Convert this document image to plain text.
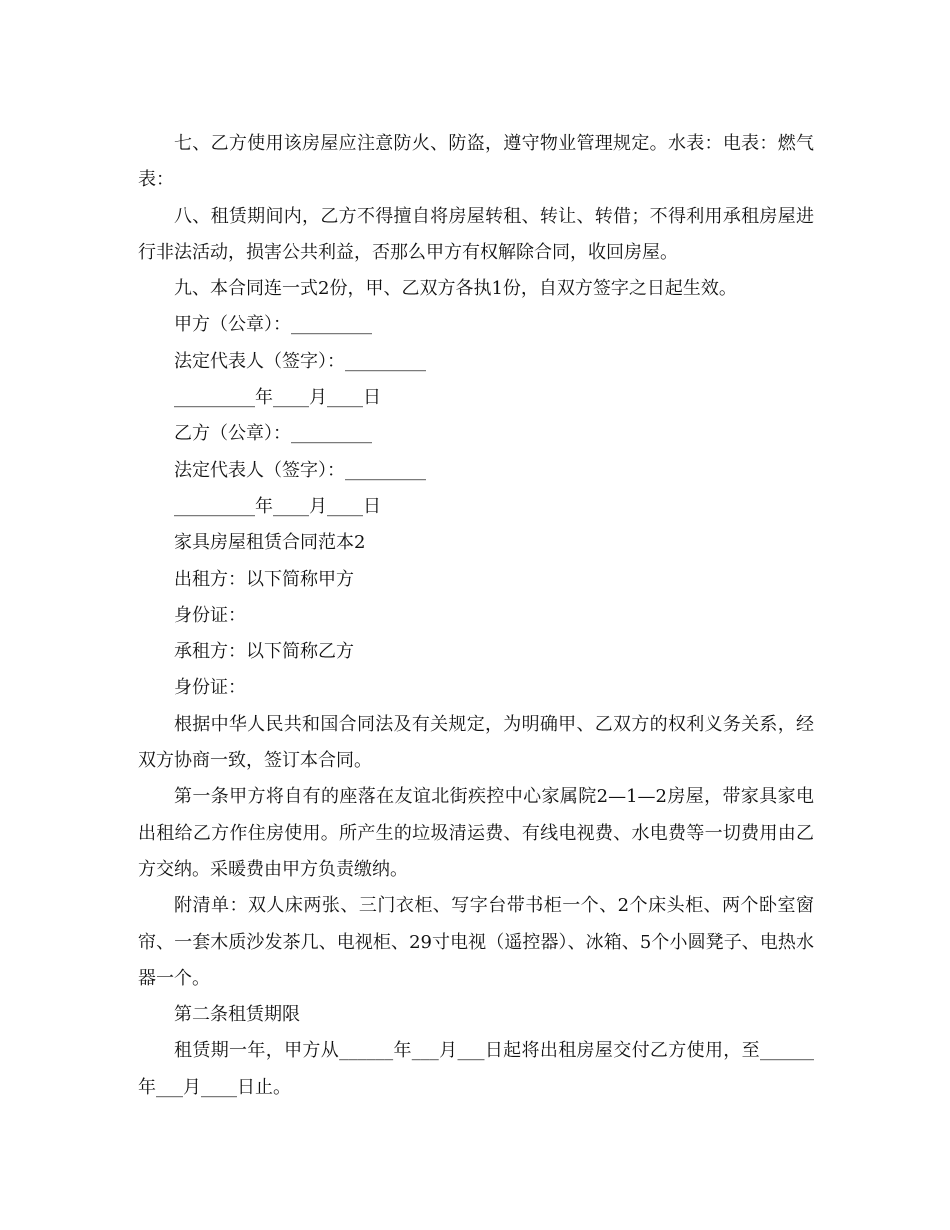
七、乙方使用该房屋应注意防火、防盗，遵守物业管理规定。水表：电表：燃气表：

八、租赁期间内，乙方不得擅自将房屋转租、转让、转借；不得利用承租房屋进行非法活动，损害公共利益，否那么甲方有权解除合同，收回房屋。

九、本合同连一式2份，甲、乙双方各执1份，自双方签字之日起生效。

甲方（公章）：_________

法定代表人（签字）：_________

_________年____月____日

乙方（公章）：_________

法定代表人（签字）：_________

_________年____月____日

家具房屋租赁合同范本2

出租方：以下简称甲方

身份证：

承租方：以下简称乙方

身份证：

根据中华人民共和国合同法及有关规定，为明确甲、乙双方的权利义务关系，经双方协商一致，签订本合同。

第一条甲方将自有的座落在友谊北街疾控中心家属院2—1—2房屋，带家具家电出租给乙方作住房使用。所产生的垃圾清运费、有线电视费、水电费等一切费用由乙方交纳。采暖费由甲方负责缴纳。

附清单：双人床两张、三门衣柜、写字台带书柜一个、2个床头柜、两个卧室窗帘、一套木质沙发茶几、电视柜、29寸电视（遥控器）、冰箱、5个小圆凳子、电热水器一个。

第二条租赁期限

租赁期一年，甲方从______年___月___日起将出租房屋交付乙方使用，至______年___月____日止。
